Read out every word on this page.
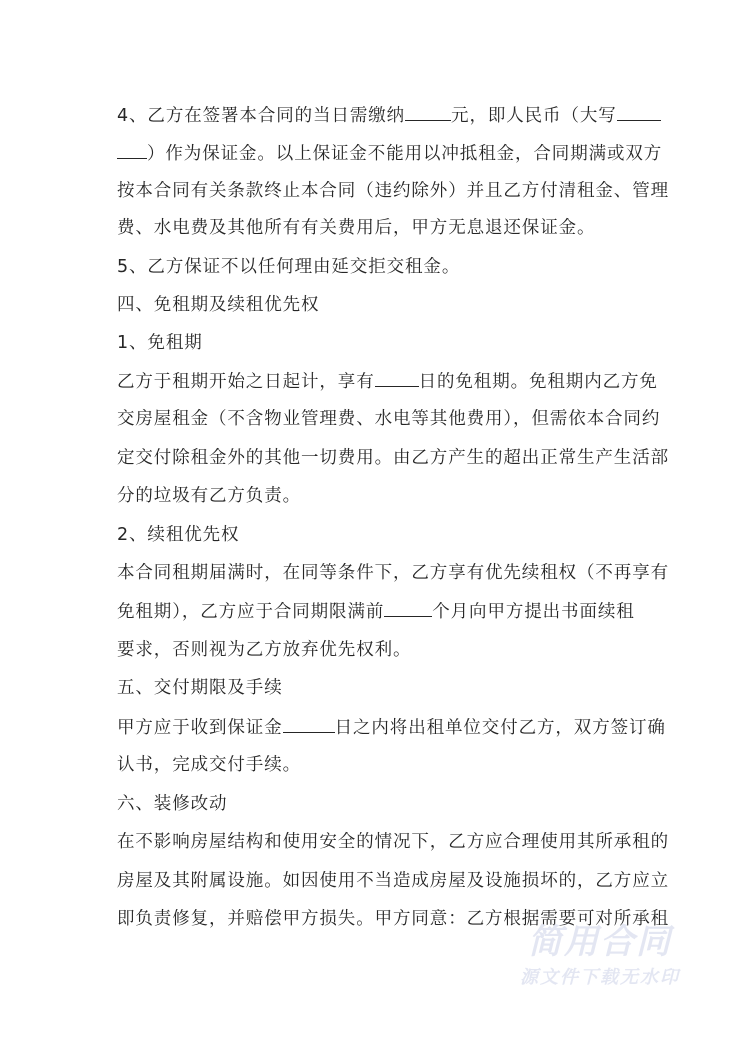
4、乙方在签署本合同的当日需缴纳	元，即人民币（大写
）作为保证金。以上保证金不能用以冲抵租金，合同期满或双方
按本合同有关条款终止本合同（违约除外）并且乙方付清租金、管理
费、水电费及其他所有有关费用后，甲方无息退还保证金。
5、乙方保证不以任何理由延交拒交租金。
四、免租期及续租优先权
1、免租期
乙方于租期开始之日起计，享有	日的免租期。免租期内乙方免
交房屋租金（不含物业管理费、水电等其他费用），但需依本合同约
定交付除租金外的其他一切费用。由乙方产生的超出正常生产生活部
分的垃圾有乙方负责。
2、续租优先权
本合同租期届满时，在同等条件下，乙方享有优先续租权（不再享有
免租期），乙方应于合同期限满前	个月向甲方提出书面续租
要求，否则视为乙方放弃优先权利。
五、交付期限及手续
甲方应于收到保证金	日之内将出租单位交付乙方，双方签订确
认书，完成交付手续。
六、装修改动
在不影响房屋结构和使用安全的情况下，乙方应合理使用其所承租的
房屋及其附属设施。如因使用不当造成房屋及设施损坏的，乙方应立
即负责修复，并赔偿甲方损失。甲方同意：乙方根据需要可对所承租
简用合同
源文件下载无水印
